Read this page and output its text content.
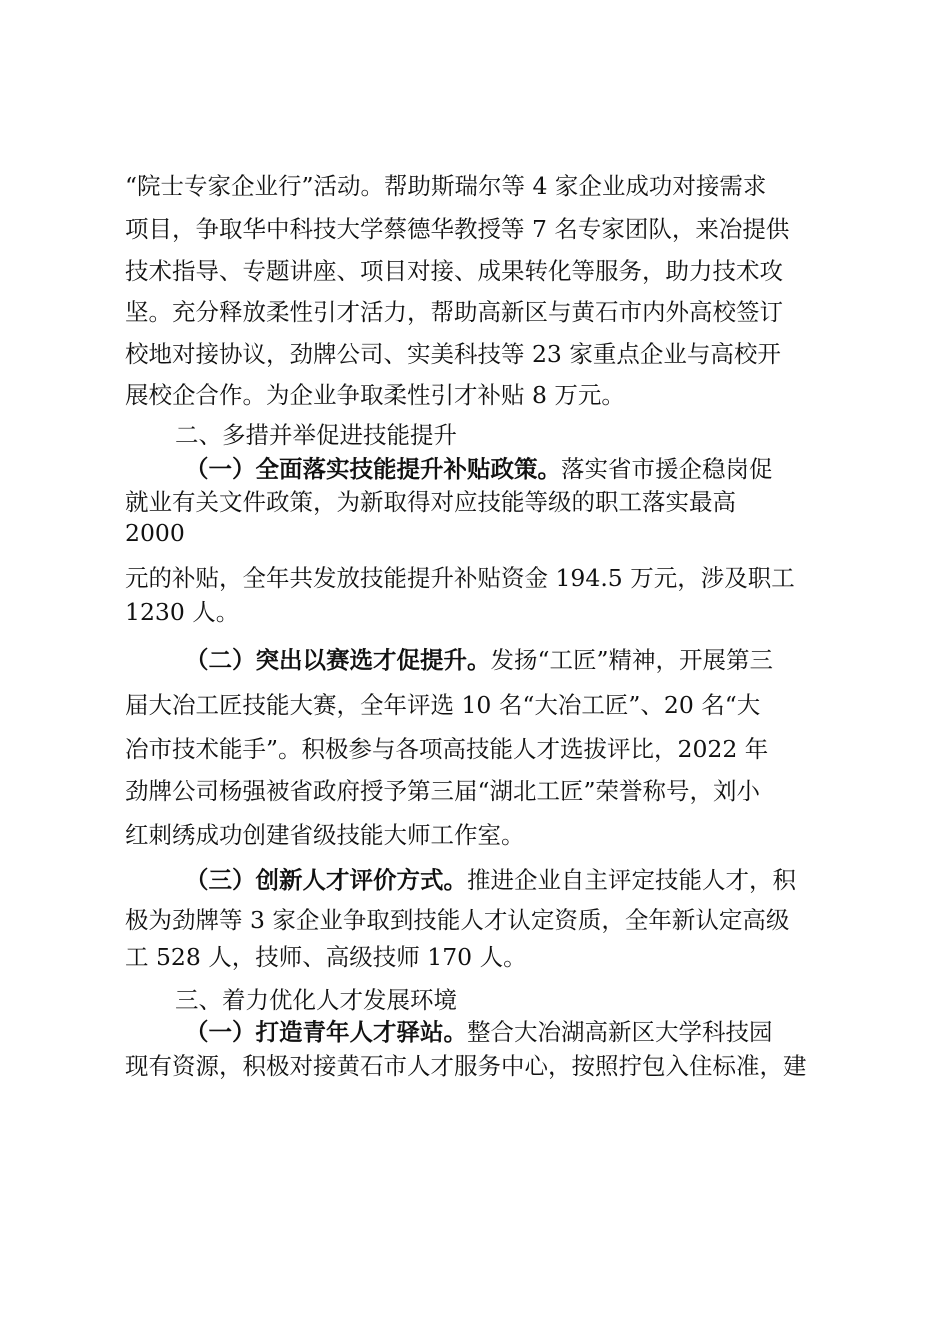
“院士专家企业行”活动。帮助斯瑞尔等 4 家企业成功对接需求
项目，争取华中科技大学蔡德华教授等 7 名专家团队，来冶提供
技术指导、专题讲座、项目对接、成果转化等服务，助力技术攻
坚。充分释放柔性引才活力，帮助高新区与黄石市内外高校签订
校地对接协议，劲牌公司、实美科技等 23 家重点企业与高校开
展校企合作。为企业争取柔性引才补贴 8 万元。
二、多措并举促进技能提升
（一）全面落实技能提升补贴政策。落实省市援企稳岗促
就业有关文件政策，为新取得对应技能等级的职工落实最高
2000
元的补贴，全年共发放技能提升补贴资金 194.5 万元，涉及职工
1230 人。
（二）突出以赛选才促提升。发扬“工匠”精神，开展第三
届大冶工匠技能大赛，全年评选 10 名“大冶工匠”、20 名“大
冶市技术能手”。积极参与各项高技能人才选拔评比，2022 年
劲牌公司杨强被省政府授予第三届“湖北工匠”荣誉称号，刘小
红刺绣成功创建省级技能大师工作室。
（三）创新人才评价方式。推进企业自主评定技能人才，积
极为劲牌等 3 家企业争取到技能人才认定资质，全年新认定高级
工 528 人，技师、高级技师 170 人。
三、着力优化人才发展环境
（一）打造青年人才驿站。整合大冶湖高新区大学科技园
现有资源，积极对接黄石市人才服务中心，按照拧包入住标准，建
